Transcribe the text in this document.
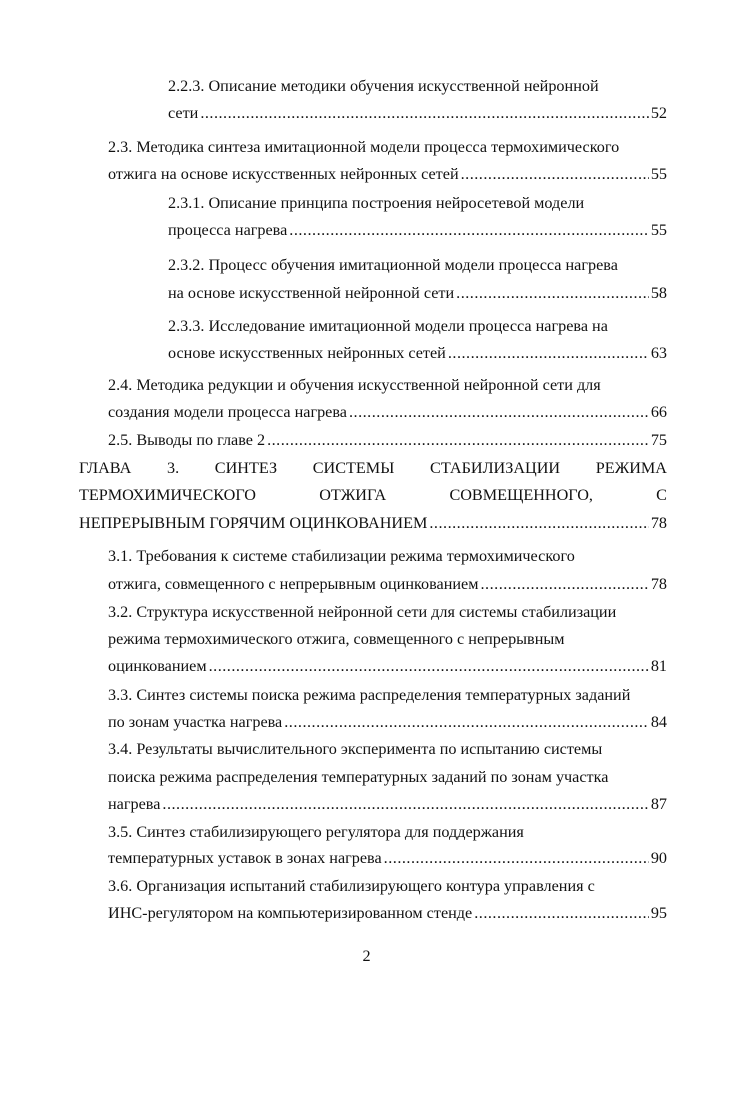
2.2.3. Описание методики обучения искусственной нейронной
сети .....	52
2.3. Методика синтеза имитационной модели процесса термохимического
отжига на основе искусственных нейронных сетей .....	55
2.3.1. Описание принципа построения нейросетевой модели
процесса нагрева .....	55
2.3.2. Процесс обучения имитационной модели процесса нагрева
на основе искусственной нейронной сети .....	58
2.3.3. Исследование имитационной модели процесса нагрева на
основе искусственных нейронных сетей .....	63
2.4. Методика редукции и обучения искусственной нейронной сети для
создания модели процесса нагрева .....	66
2.5. Выводы по главе 2 .....	75
ГЛАВА 3. СИНТЕЗ СИСТЕМЫ СТАБИЛИЗАЦИИ РЕЖИМА
ТЕРМОХИМИЧЕСКОГО	ОТЖИГА	СОВМЕЩЕННОГО,	С
НЕПРЕРЫВНЫМ ГОРЯЧИМ ОЦИНКОВАНИЕМ .....	78
3.1. Требования к системе стабилизации режима термохимического
отжига, совмещенного с непрерывным оцинкованием .....	78
3.2. Структура искусственной нейронной сети для системы стабилизации
режима термохимического отжига, совмещенного с непрерывным
оцинкованием .....	81
3.3. Синтез системы поиска режима распределения температурных заданий
по зонам участка нагрева .....	84
3.4. Результаты вычислительного эксперимента по испытанию системы
поиска режима распределения температурных заданий по зонам участка
нагрева .....	87
3.5. Синтез стабилизирующего регулятора для поддержания
температурных уставок в зонах нагрева .....	90
3.6. Организация испытаний стабилизирующего контура управления с
ИНС-регулятором на компьютеризированном стенде .....	95
2
